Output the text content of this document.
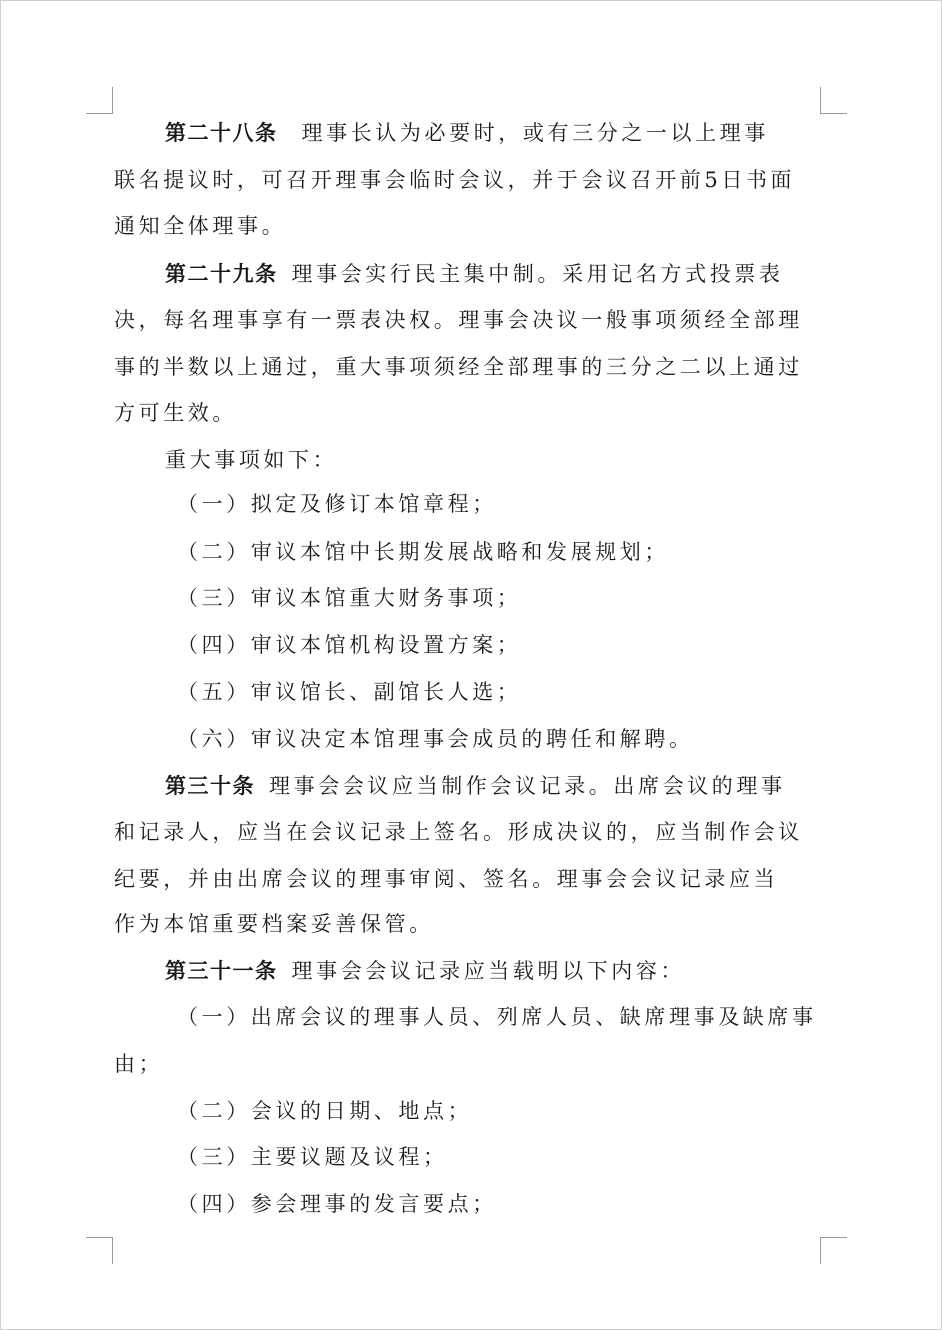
第二十八条 理事长认为必要时，或有三分之一以上理事
联名提议时，可召开理事会临时会议，并于会议召开前5日书面
通知全体理事。
第二十九条 理事会实行民主集中制。采用记名方式投票表
决，每名理事享有一票表决权。理事会决议一般事项须经全部理
事的半数以上通过，重大事项须经全部理事的三分之二以上通过
方可生效。
重大事项如下：
（一）拟定及修订本馆章程；
（二）审议本馆中长期发展战略和发展规划；
（三）审议本馆重大财务事项；
（四）审议本馆机构设置方案；
（五）审议馆长、副馆长人选；
（六）审议决定本馆理事会成员的聘任和解聘。
第三十条 理事会会议应当制作会议记录。出席会议的理事
和记录人，应当在会议记录上签名。形成决议的，应当制作会议
纪要，并由出席会议的理事审阅、签名。理事会会议记录应当
作为本馆重要档案妥善保管。
第三十一条 理事会会议记录应当载明以下内容：
（一）出席会议的理事人员、列席人员、缺席理事及缺席事
由；
（二）会议的日期、地点；
（三）主要议题及议程；
（四）参会理事的发言要点；
